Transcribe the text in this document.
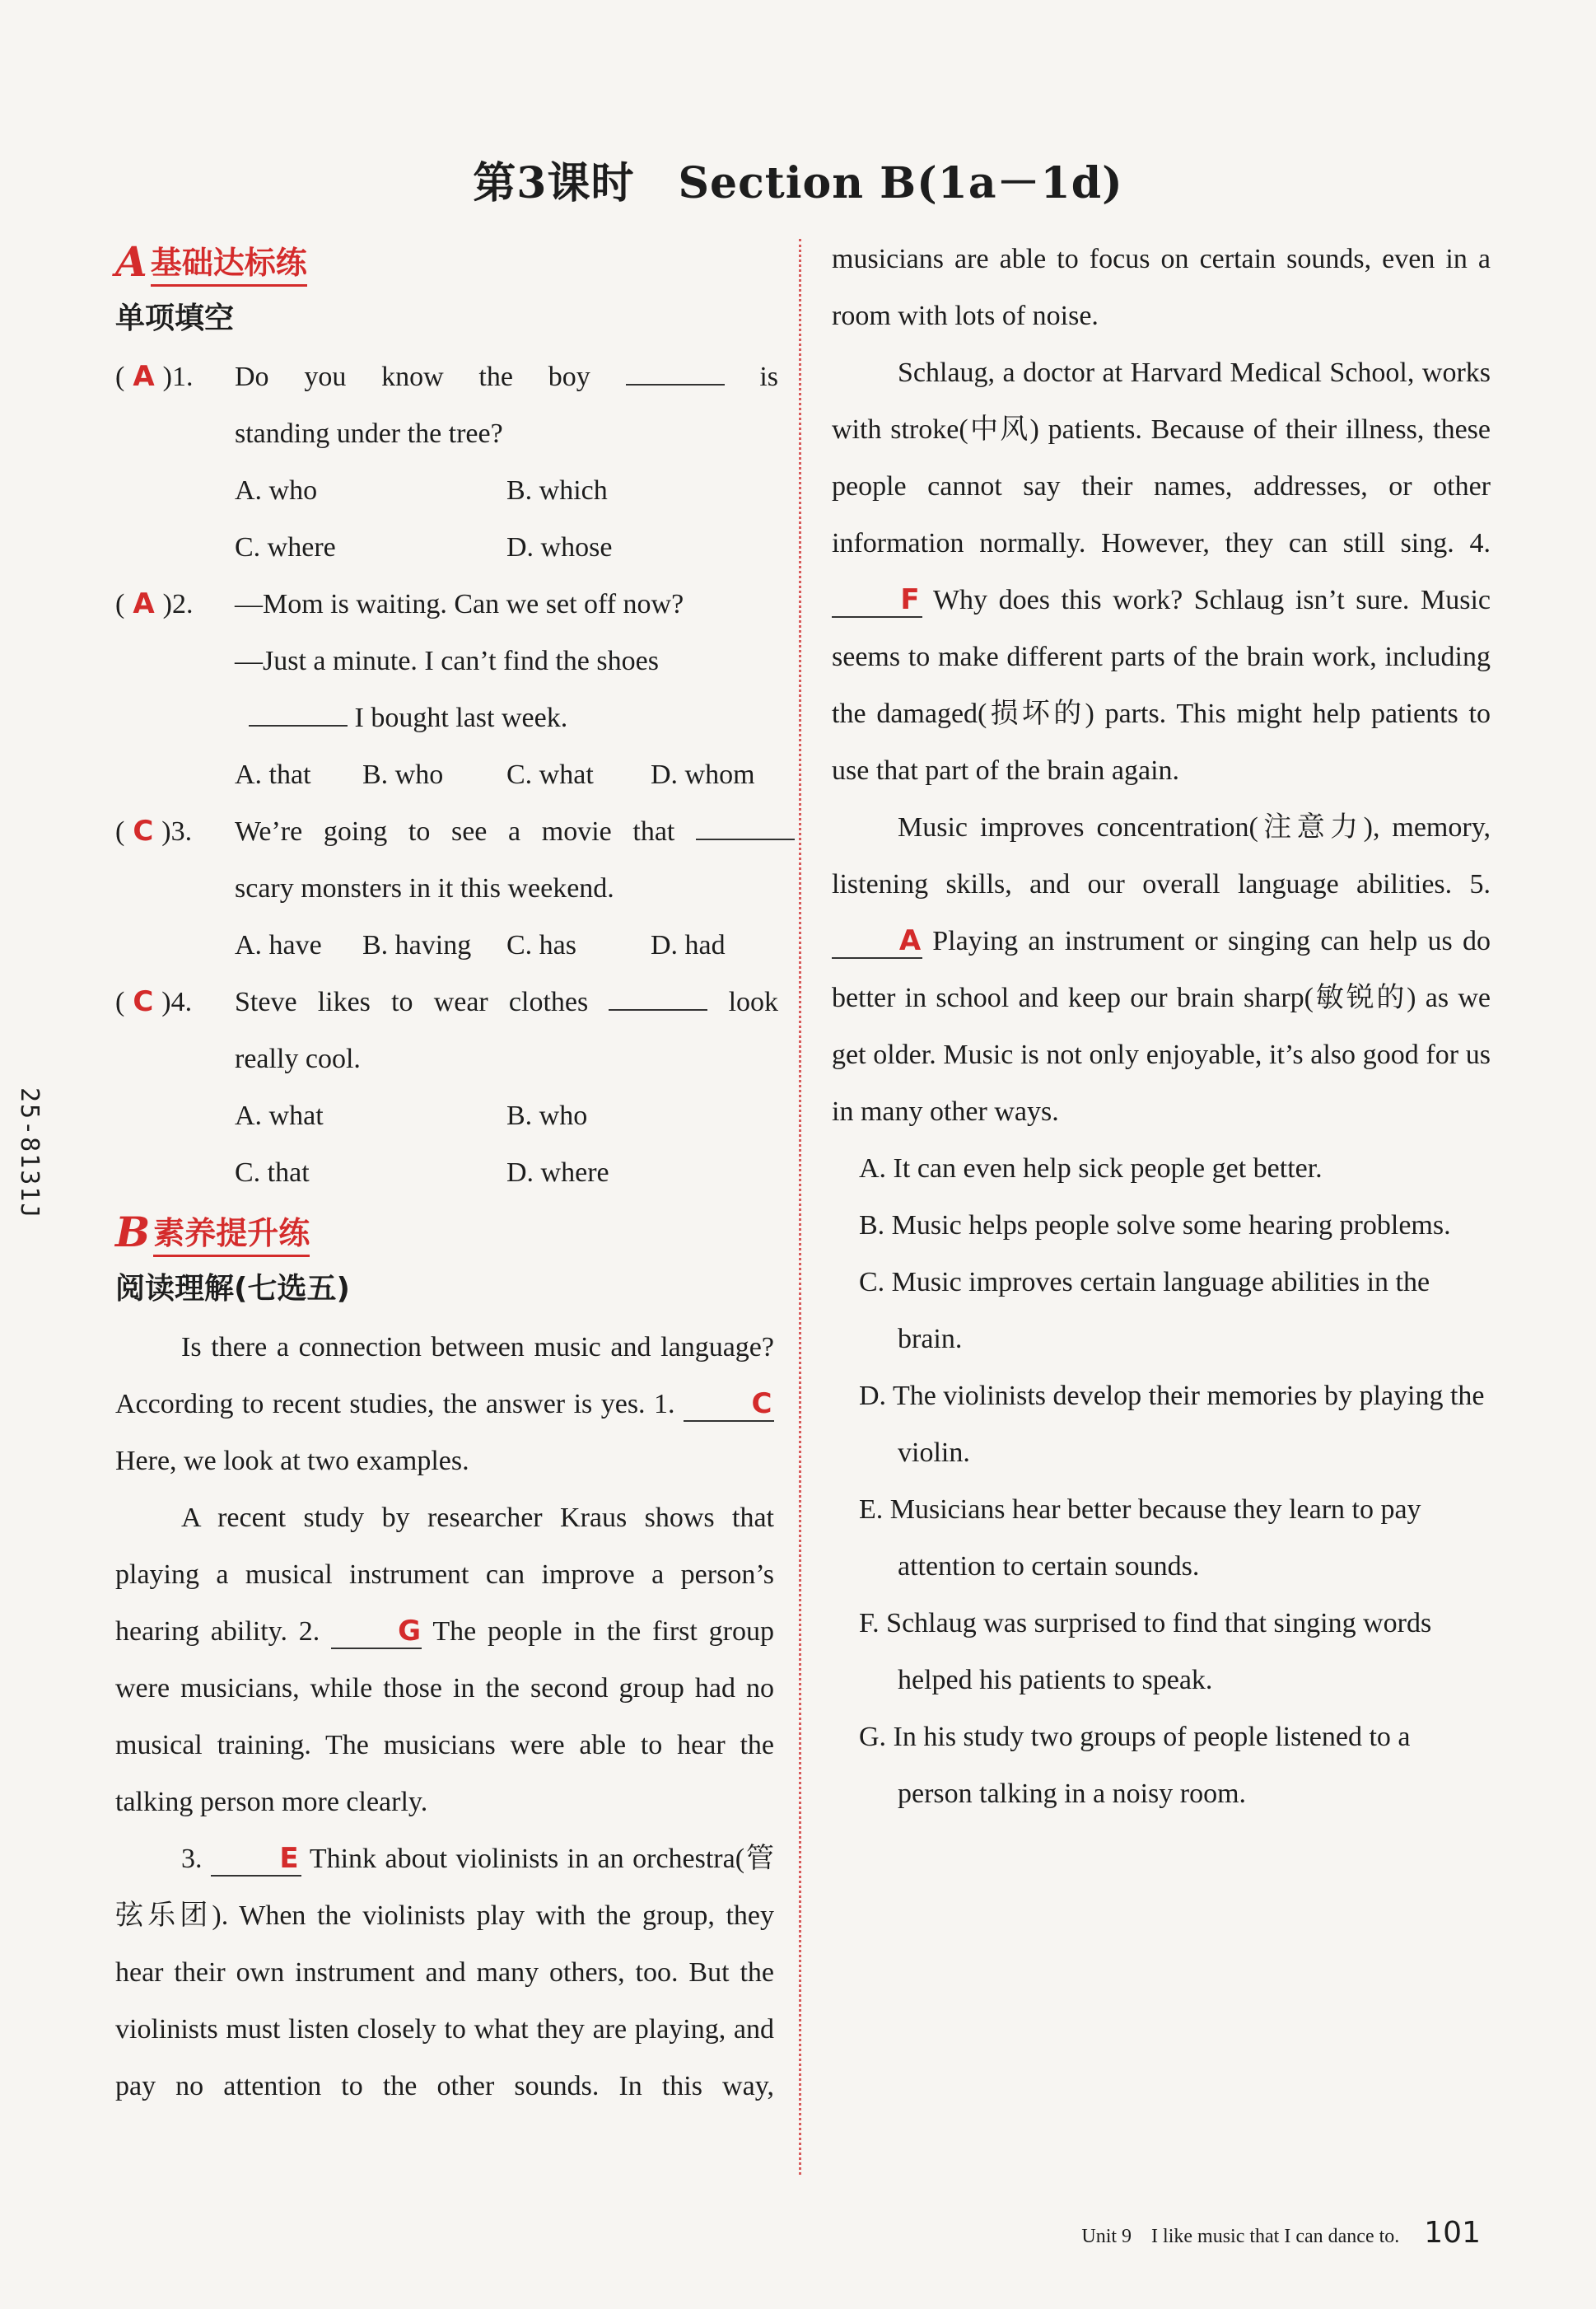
第3课时　Section B(1a－1d)
25-8131J
A 基础达标练
单项填空
( A )1.	Do you know the boy	is
standing under the tree?
A. who	B. which
C. where	D. whose
( A )2.	—Mom is waiting. Can we set off now?
—Just a minute. I can’t find the shoes
I bought last week.
A. that	B. who	C. what	D. whom
( C )3.	We’re going to see a movie that
scary monsters in it this weekend.
A. have	B. having	C. has	D. had
( C )4.	Steve likes to wear clothes	look
really cool.
A. what	B. who
C. that	D. where
B 素养提升练
阅读理解(七选五)
Is there a connection between music and language? According to recent studies, the answer is yes. 1.	C Here, we look at two examples.
A recent study by researcher Kraus shows that playing a musical instrument can improve a person’s hearing ability. 2.	G The people in the first group were musicians, while those in the second group had no musical training. The musicians were able to hear the talking person more clearly.
3.	E Think about violinists in an orchestra(管弦乐团). When the violinists play with the group, they hear their own instrument and many others, too. But the violinists must listen closely to what they are playing, and pay no attention to the other sounds. In this way,
musicians are able to focus on certain sounds, even in a room with lots of noise.
Schlaug, a doctor at Harvard Medical School, works with stroke(中风) patients. Because of their illness, these people cannot say their names, addresses, or other information normally. However, they can still sing. 4. F Why does this work? Schlaug isn’t sure. Music seems to make different parts of the brain work, including the damaged(损坏的) parts. This might help patients to use that part of the brain again.
Music improves concentration(注意力), memory, listening skills, and our overall language abilities. 5. A Playing an instrument or singing can help us do better in school and keep our brain sharp(敏锐的) as we get older. Music is not only enjoyable, it’s also good for us in many other ways.
A. It can even help sick people get better.
B. Music helps people solve some hearing problems.
C. Music improves certain language abilities in the brain.
D. The violinists develop their memories by playing the violin.
E. Musicians hear better because they learn to pay attention to certain sounds.
F. Schlaug was surprised to find that singing words helped his patients to speak.
G. In his study two groups of people listened to a person talking in a noisy room.
Unit 9　I like music that I can dance to. 101
